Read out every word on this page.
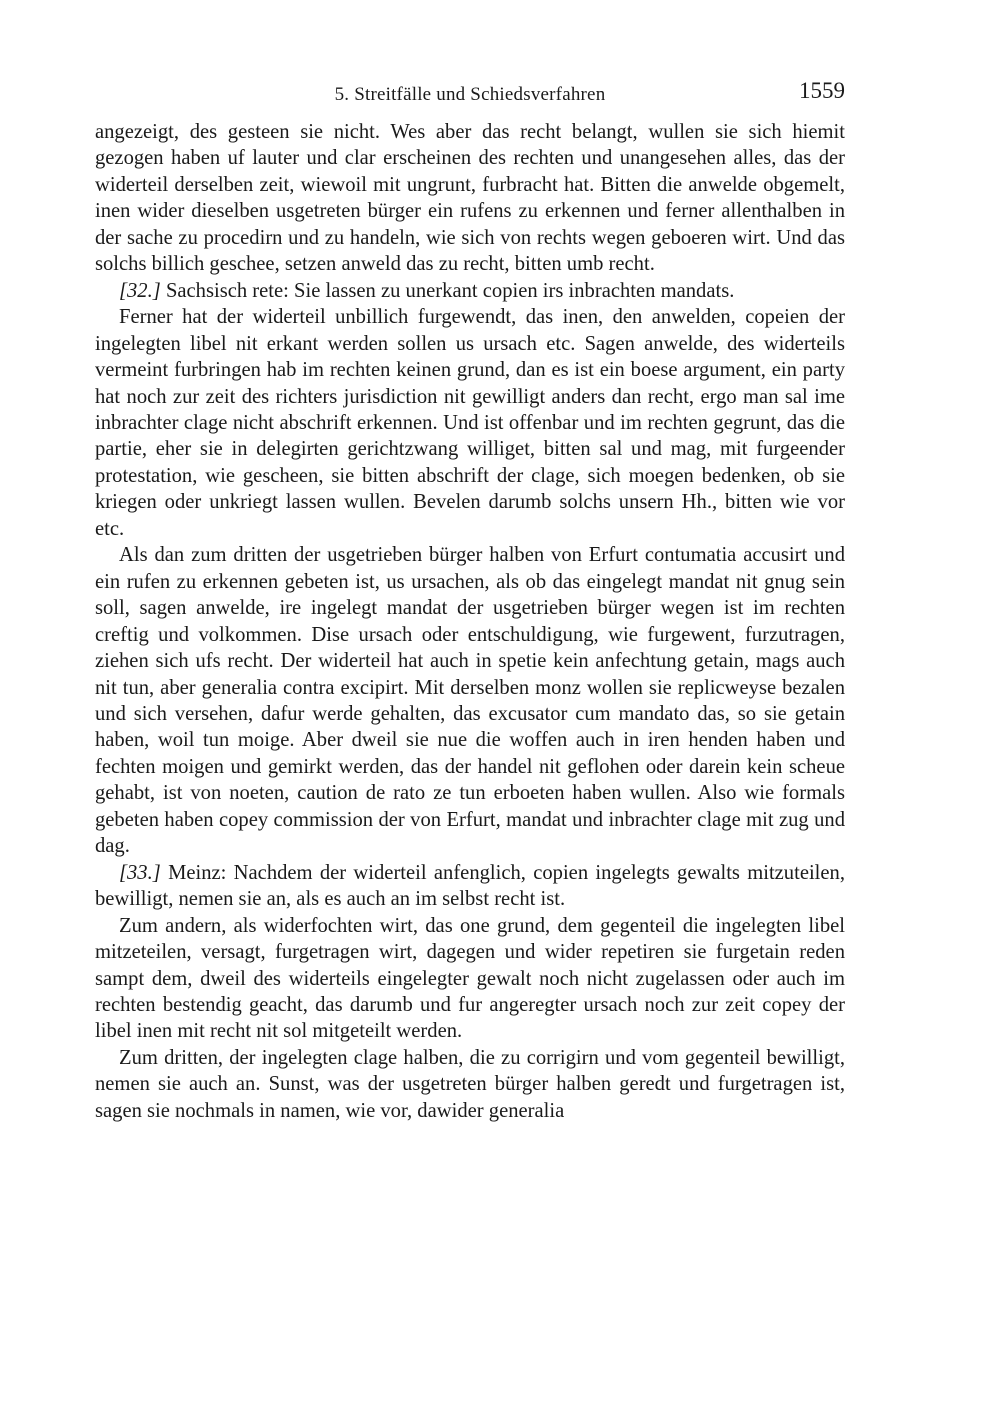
5. Streitfälle und Schiedsverfahren	1559

angezeigt, des gesteen sie nicht. Wes aber das recht belangt, wullen sie sich hiemit gezogen haben uf lauter und clar erscheinen des rechten und unangesehen alles, das der widerteil derselben zeit, wiewoil mit ungrunt, furbracht hat. Bitten die anwelde obgemelt, inen wider dieselben usgetreten bürger ein rufens zu erkennen und ferner allenthalben in der sache zu procedirn und zu handeln, wie sich von rechts wegen geboeren wirt. Und das solchs billich geschee, setzen anweld das zu recht, bitten umb recht.

[32.] Sachsisch rete: Sie lassen zu unerkant copien irs inbrachten mandats.

Ferner hat der widerteil unbillich furgewendt, das inen, den anwelden, copeien der ingelegten libel nit erkant werden sollen us ursach etc. Sagen anwelde, des widerteils vermeint furbringen hab im rechten keinen grund, dan es ist ein boese argument, ein party hat noch zur zeit des richters jurisdiction nit gewilligt anders dan recht, ergo man sal ime inbrachter clage nicht abschrift erkennen. Und ist offenbar und im rechten gegrunt, das die partie, eher sie in delegirten gerichtzwang williget, bitten sal und mag, mit furgeender protestation, wie gescheen, sie bitten abschrift der clage, sich moegen bedenken, ob sie kriegen oder unkriegt lassen wullen. Bevelen darumb solchs unsern Hh., bitten wie vor etc.

Als dan zum dritten der usgetrieben bürger halben von Erfurt contumatia accusirt und ein rufen zu erkennen gebeten ist, us ursachen, als ob das eingelegt mandat nit gnug sein soll, sagen anwelde, ire ingelegt mandat der usgetrieben bürger wegen ist im rechten creftig und volkommen. Dise ursach oder entschuldigung, wie furgewent, furzutragen, ziehen sich ufs recht. Der widerteil hat auch in spetie kein anfechtung getain, mags auch nit tun, aber generalia contra excipirt. Mit derselben monz wollen sie replicweyse bezalen und sich versehen, dafur werde gehalten, das excusator cum mandato das, so sie getain haben, woil tun moige. Aber dweil sie nue die woffen auch in iren henden haben und fechten moigen und gemirkt werden, das der handel nit geflohen oder darein kein scheue gehabt, ist von noeten, caution de rato ze tun erboeten haben wullen. Also wie formals gebeten haben copey commission der von Erfurt, mandat und inbrachter clage mit zug und dag.

[33.] Meinz: Nachdem der widerteil anfenglich, copien ingelegts gewalts mitzuteilen, bewilligt, nemen sie an, als es auch an im selbst recht ist.

Zum andern, als widerfochten wirt, das one grund, dem gegenteil die ingelegten libel mitzeteilen, versagt, furgetragen wirt, dagegen und wider repetiren sie furgetain reden sampt dem, dweil des widerteils eingelegter gewalt noch nicht zugelassen oder auch im rechten bestendig geacht, das darumb und fur angeregter ursach noch zur zeit copey der libel inen mit recht nit sol mitgeteilt werden.

Zum dritten, der ingelegten clage halben, die zu corrigirn und vom gegenteil bewilligt, nemen sie auch an. Sunst, was der usgetreten bürger halben geredt und furgetragen ist, sagen sie nochmals in namen, wie vor, dawider generalia
